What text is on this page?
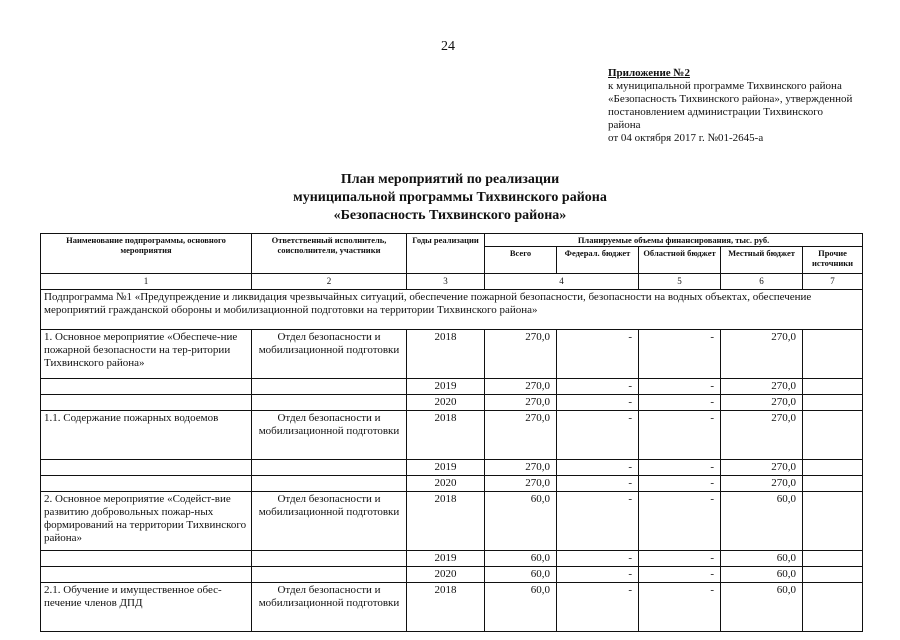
24
Приложение №2
к муниципальной программе Тихвинского района
«Безопасность Тихвинского района», утвержденной
постановлением администрации Тихвинского
района
от 04 октября 2017 г. №01-2645-а
План мероприятий по реализации
муниципальной программы Тихвинского района
«Безопасность Тихвинского района»
Наименование подпрограммы, основного мероприятия	Ответственный исполнитель, соисполнители, участники	Годы реализации	Планируемые объемы финансирования, тыс. руб.				
			Всего	Федерал. бюджет	Областной бюджет	Местный бюджет	Прочие источники
1	2	3	4		5	6	7
Подпрограмма №1 «Предупреждение и ликвидация чрезвычайных ситуаций, обеспечение пожарной безопасности, безопасности на водных объектах, обеспечение мероприятий гражданской обороны и мобилизационной подготовки на территории Тихвинского района»							
1. Основное мероприятие «Обеспече-ние пожарной безопасности на тер-ритории Тихвинского района»	Отдел безопасности и мобилизационной подготовки	2018	270,0	-	-	270,0	
		2019	270,0	-	-	270,0	
		2020	270,0	-	-	270,0	
1.1. Содержание пожарных водоемов	Отдел безопасности и мобилизационной подготовки	2018	270,0	-	-	270,0	
		2019	270,0	-	-	270,0	
		2020	270,0	-	-	270,0	
2. Основное мероприятие «Содейст-вие развитию добровольных пожар-ных формирований на территории Тихвинского района»	Отдел безопасности и мобилизационной подготовки	2018	60,0	-	-	60,0	
		2019	60,0	-	-	60,0	
		2020	60,0	-	-	60,0	
2.1. Обучение и имущественное обес-печение членов ДПД	Отдел безопасности и мобилизационной подготовки	2018	60,0	-	-	60,0	
